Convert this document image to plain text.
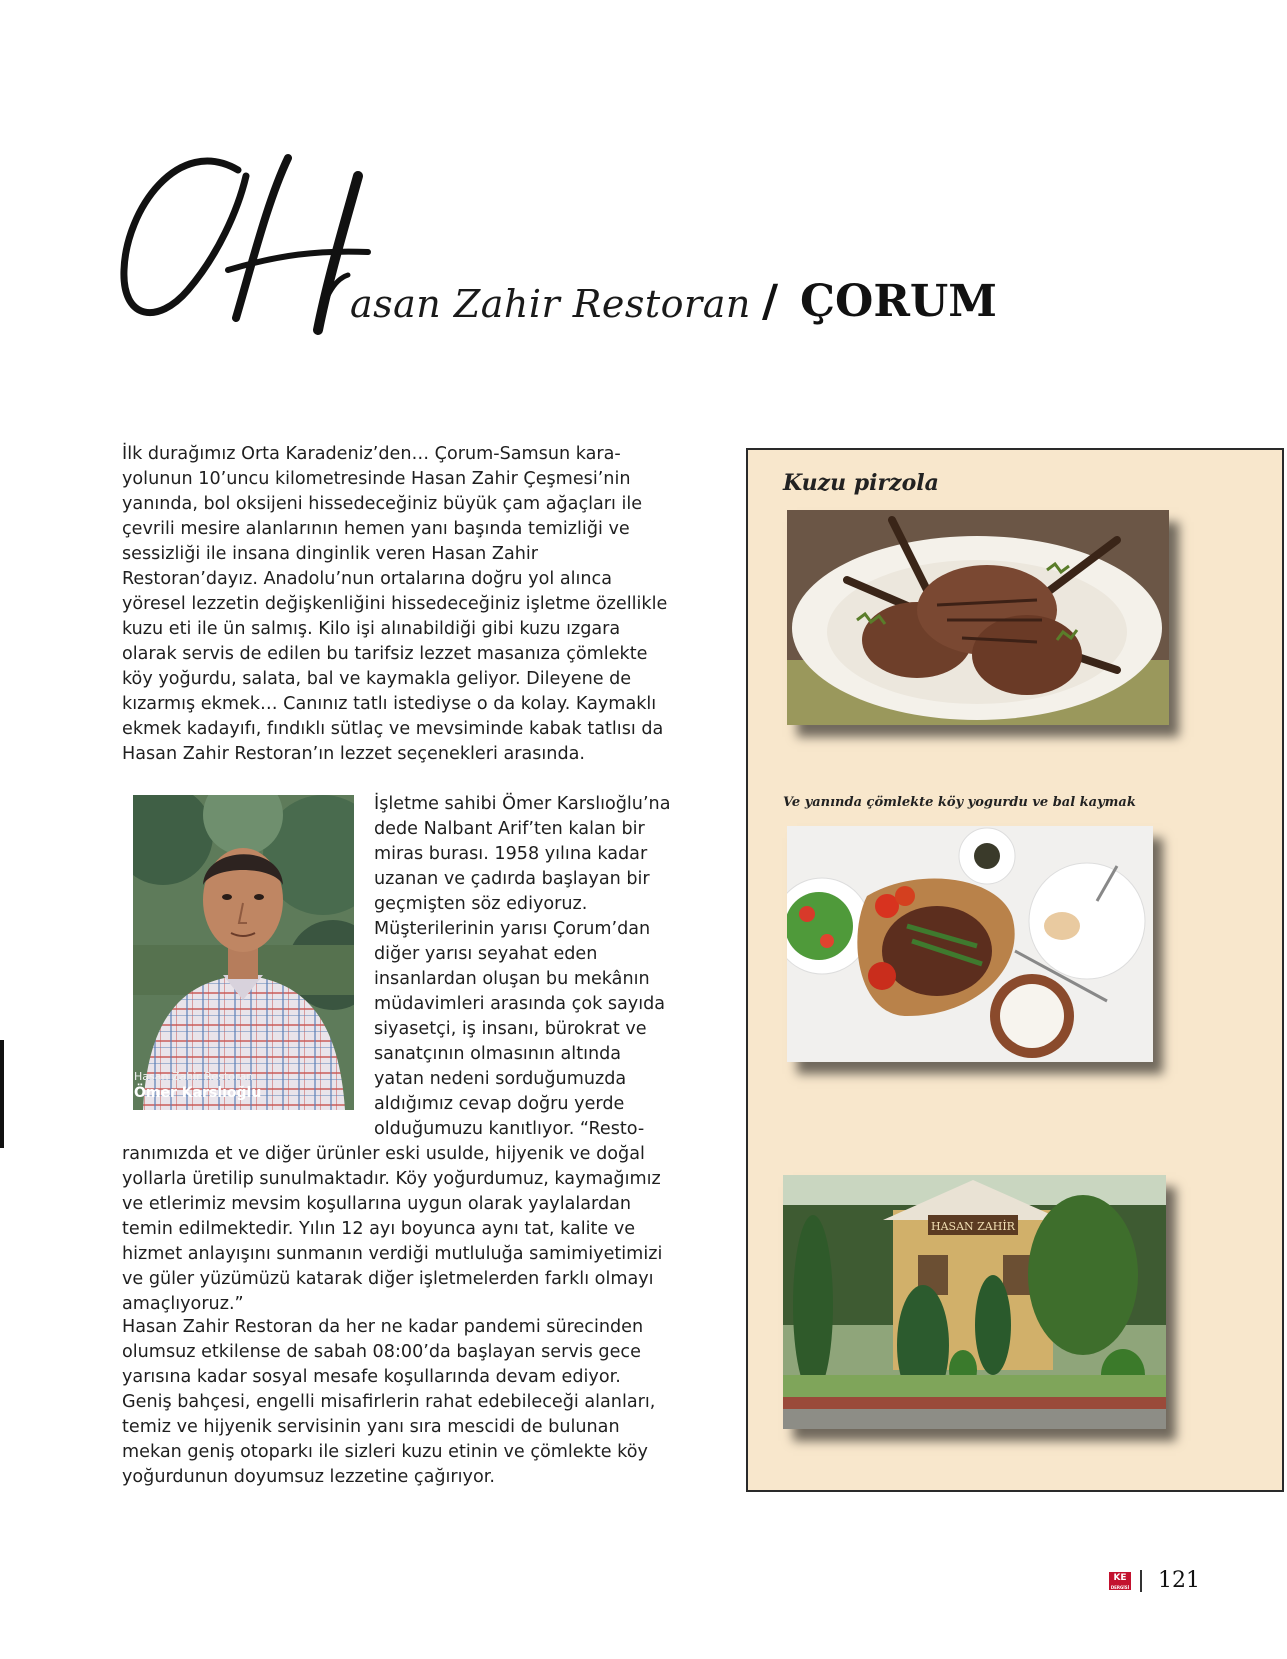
asan Zahir Restoran / ÇORUM

İlk durağımız Orta Karadeniz’den… Çorum-Samsun kara-yolunun 10’uncu kilometresinde Hasan Zahir Çeşmesi’nin yanında, bol oksijeni hissedeceğiniz büyük çam ağaçları ile çevrili mesire alanlarının hemen yanı başında temizliği ve sessizliği ile insana dinginlik veren Hasan Zahir Restoran’dayız. Anadolu’nun ortalarına doğru yol alınca yöresel lezzetin değişkenliğini hissedeceğiniz işletme özellikle kuzu eti ile ün salmış. Kilo işi alınabildiği gibi kuzu ızgara olarak servis de edilen bu tarifsiz lezzet masanıza çömlekte köy yoğurdu, salata, bal ve kaymakla geliyor. Dileyene de kızarmış ekmek… Canınız tatlı istediyse o da kolay. Kaymaklı ekmek kadayıfı, fındıklı sütlaç ve mevsiminde kabak tatlısı da Hasan Zahir Restoran’ın lezzet seçenekleri arasında.

Hasan Zahir Restoran
Ömer Karslıoğlu

İşletme sahibi Ömer Karslıoğlu’na dede Nalbant Arif’ten kalan bir miras burası. 1958 yılına kadar uzanan ve çadırda başlayan bir geçmişten söz ediyoruz. Müşterilerinin yarısı Çorum’dan diğer yarısı seyahat eden insanlardan oluşan bu mekânın müdavimleri arasında çok sayıda siyasetçi, iş insanı, bürokrat ve sanatçının olmasının altında yatan nedeni sorduğumuzda aldığımız cevap doğru yerde olduğumuzu kanıtlıyor. “Resto-

ranımızda et ve diğer ürünler eski usulde, hijyenik ve doğal yollarla üretilip sunulmaktadır. Köy yoğurdumuz, kaymağımız ve etlerimiz mevsim koşullarına uygun olarak yaylalardan temin edilmektedir. Yılın 12 ayı boyunca aynı tat, kalite ve hizmet anlayışını sunmanın verdiği mutluluğa samimiyetimizi ve güler yüzümüzü katarak diğer işletmelerden farklı olmayı amaçlıyoruz.”

Hasan Zahir Restoran da her ne kadar pandemi sürecinden olumsuz etkilense de sabah 08:00’da başlayan servis gece yarısına kadar sosyal mesafe koşullarında devam ediyor. Geniş bahçesi, engelli misafirlerin rahat edebileceği alanları, temiz ve hijyenik servisinin yanı sıra mescidi de bulunan mekan geniş otoparkı ile sizleri kuzu etinin ve çömlekte köy yoğurdunun doyumsuz lezzetine çağırıyor.

Kuzu pirzola
Ve yanında çömlekte köy yogurdu ve bal kaymak
HASAN ZAHİR
KE
DERGİSİ 121
